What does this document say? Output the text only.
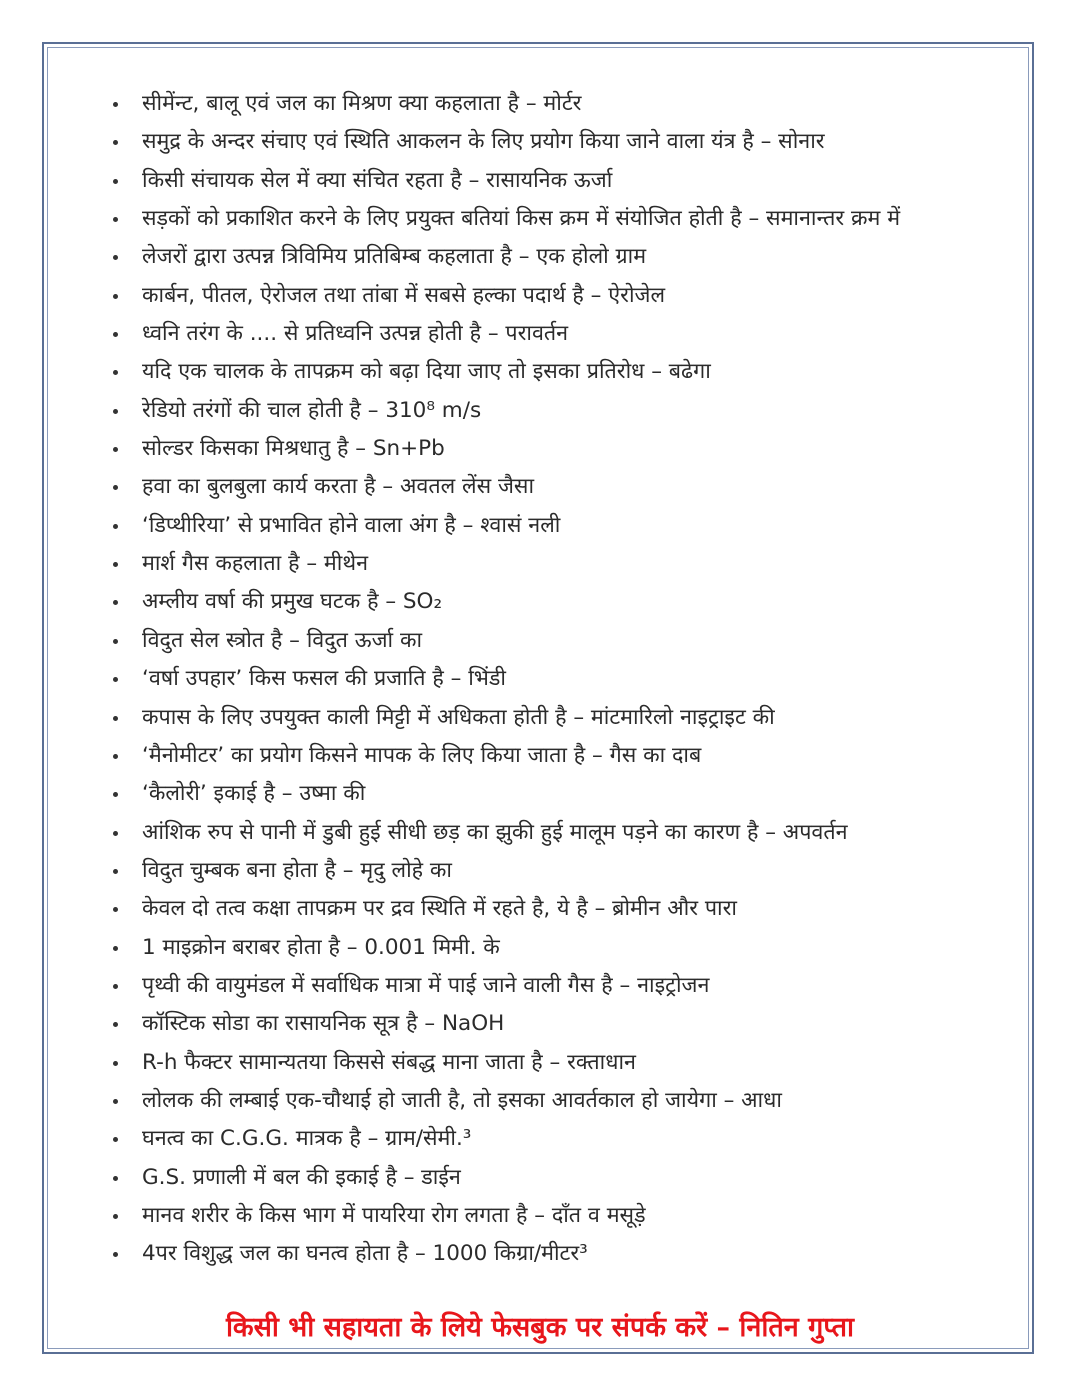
सीमेंन्ट, बालू एवं जल का मिश्रण क्या कहलाता है – मोर्टर
समुद्र के अन्दर संचाए एवं स्थिति आकलन के लिए प्रयोग किया जाने वाला यंत्र है – सोनार
किसी संचायक सेल में क्या संचित रहता है – रासायनिक ऊर्जा
सड़कों को प्रकाशित करने के लिए प्रयुक्त बतियां किस क्रम में संयोजित होती है – समानान्तर क्रम में
लेजरों द्वारा उत्पन्न त्रिविमिय प्रतिबिम्ब कहलाता है – एक होलो ग्राम
कार्बन, पीतल, ऐरोजल तथा तांबा में सबसे हल्का पदार्थ है – ऐरोजेल
ध्वनि तरंग के .... से प्रतिध्वनि उत्पन्न होती है – परावर्तन
यदि एक चालक के तापक्रम को बढ़ा दिया जाए तो इसका प्रतिरोध – बढेगा
रेडियो तरंगों की चाल होती है – 310⁸ m/s
सोल्डर किसका मिश्रधातु है – Sn+Pb
हवा का बुलबुला कार्य करता है – अवतल लेंस जैसा
‘डिप्थीरिया’ से प्रभावित होने वाला अंग है – श्वासं नली
मार्श गैस कहलाता है – मीथेन
अम्लीय वर्षा की प्रमुख घटक है – SO₂
विदुत सेल स्त्रोत है – विदुत ऊर्जा का
‘वर्षा उपहार’ किस फसल की प्रजाति है – भिंडी
कपास के लिए उपयुक्त काली मिट्टी में अधिकता होती है – मांटमारिलो नाइट्राइट की
‘मैनोमीटर’ का प्रयोग किसने मापक के लिए किया जाता है – गैस का दाब
‘कैलोरी’ इकाई है – उष्मा की
आंशिक रुप से पानी में डुबी हुई सीधी छड़ का झुकी हुई मालूम पड़ने का कारण है – अपवर्तन
विदुत चुम्बक बना होता है – मृदु लोहे का
केवल दो तत्व कक्षा तापक्रम पर द्रव स्थिति में रहते है, ये है – ब्रोमीन और पारा
1 माइक्रोन बराबर होता है – 0.001 मिमी. के
पृथ्वी की वायुमंडल में सर्वाधिक मात्रा में पाई जाने वाली गैस है – नाइट्रोजन
कॉस्टिक सोडा का रासायनिक सूत्र है – NaOH
R-h फैक्टर सामान्यतया किससे संबद्ध माना जाता है – रक्ताधान
लोलक की लम्बाई एक-चौथाई हो जाती है, तो इसका आवर्तकाल हो जायेगा – आधा
घनत्व का C.G.G. मात्रक है – ग्राम/सेमी.³
G.S. प्रणाली में बल की इकाई है – डाईन
मानव शरीर के किस भाग में पायरिया रोग लगता है – दाँत व मसूड़े
4पर विशुद्ध जल का घनत्व होता है – 1000 किग्रा/मीटर³
किसी भी सहायता के लिये फेसबुक पर संपर्क करें – नितिन गुप्ता
